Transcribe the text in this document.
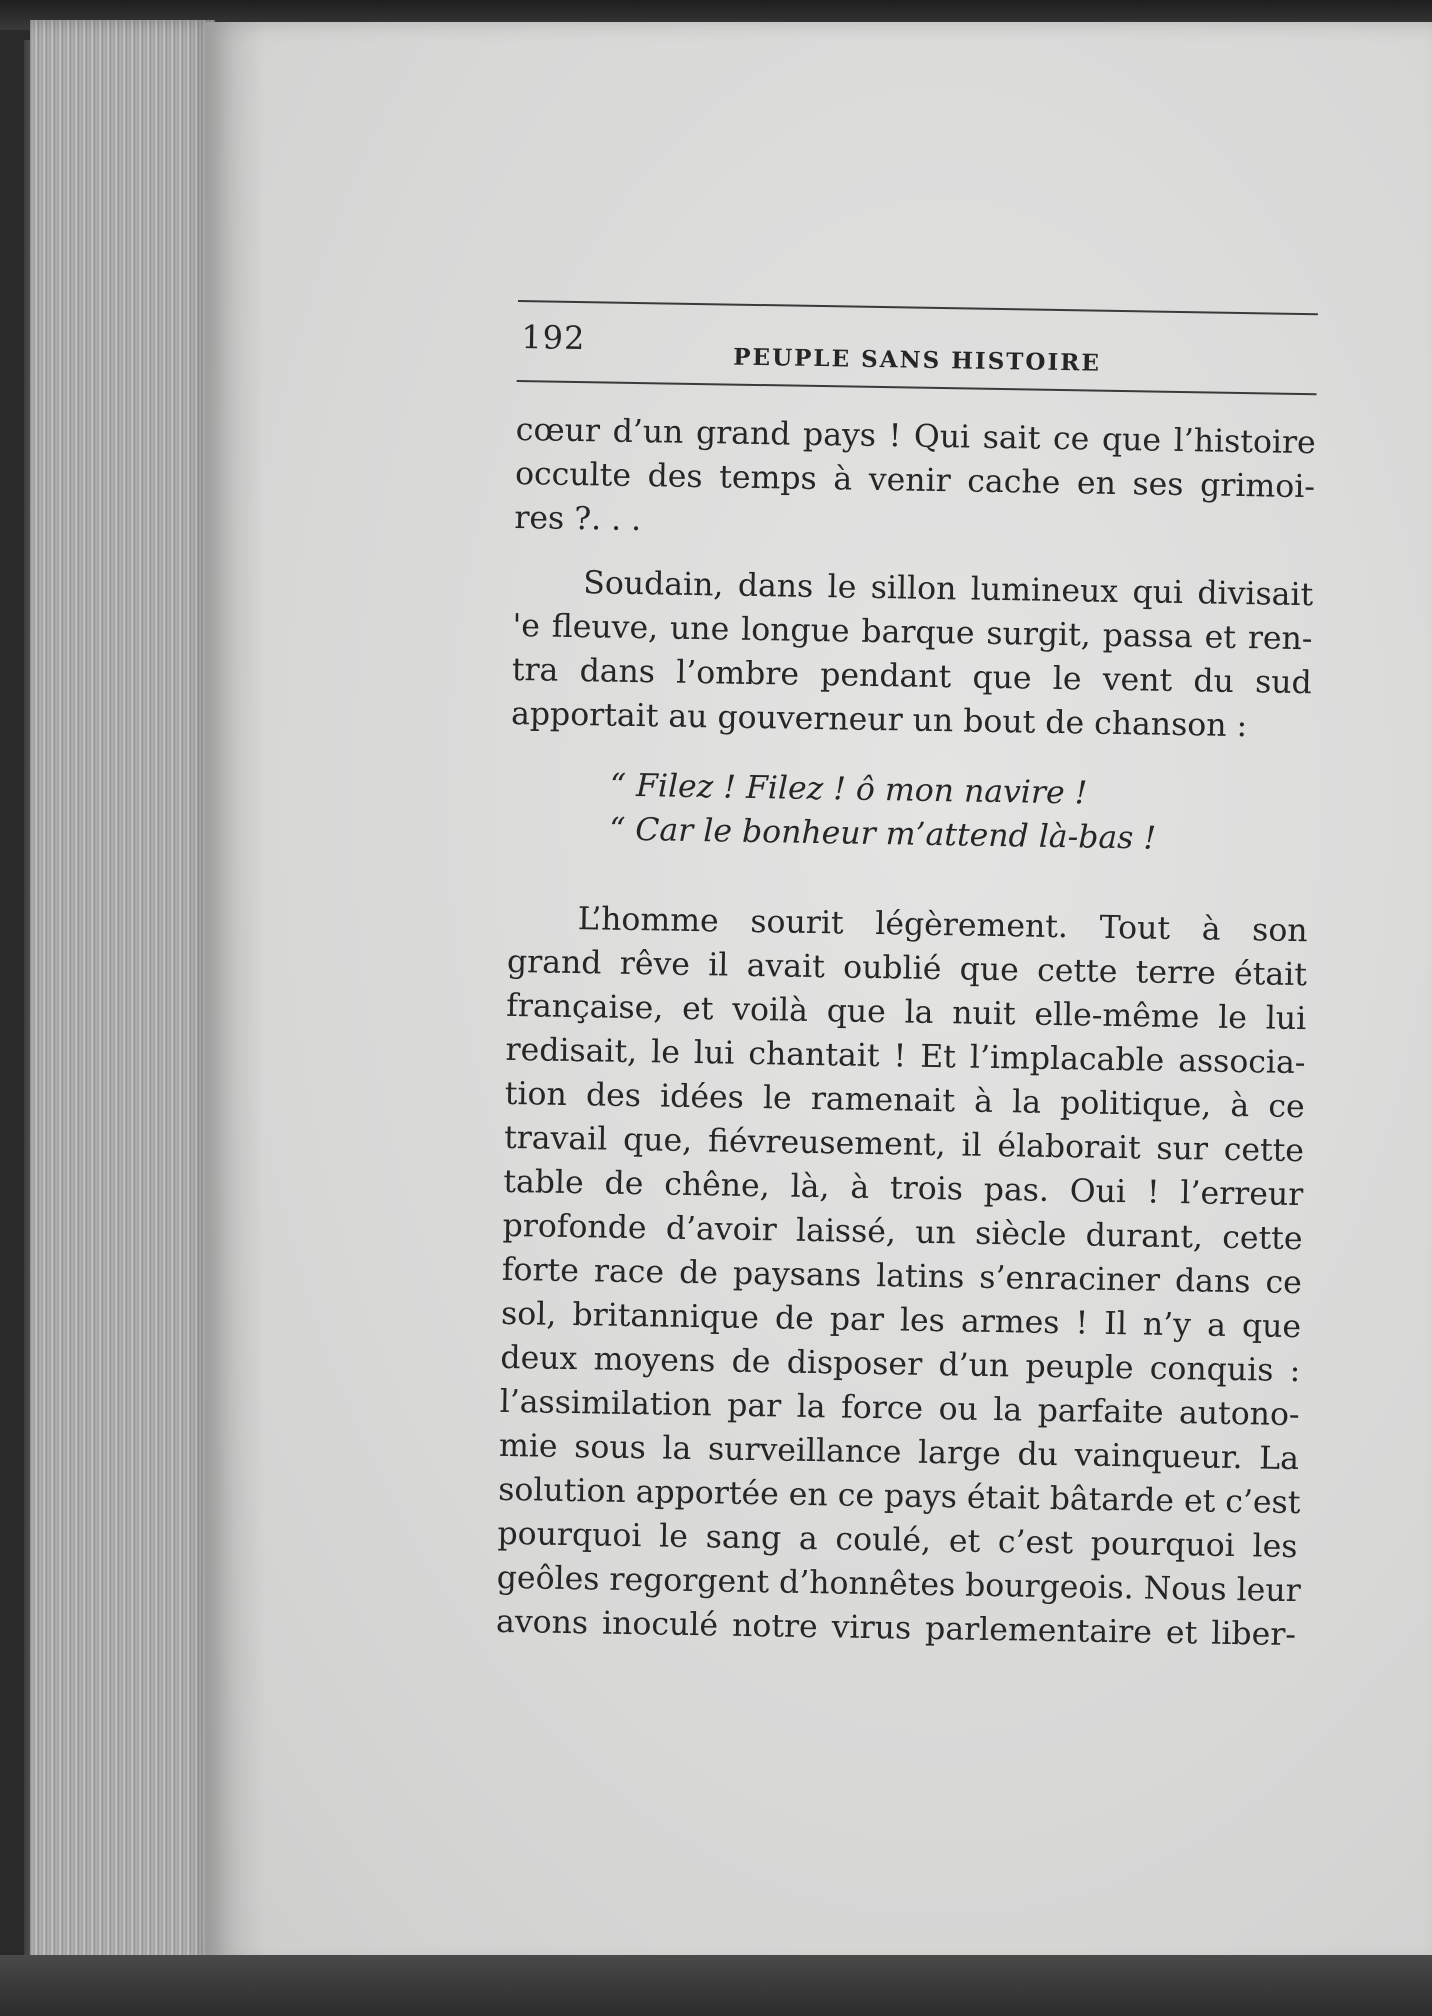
192
PEUPLE SANS HISTOIRE
cœur d’un grand pays ! Qui sait ce que l’histoire
occulte des temps à venir cache en ses grimoi-
res ?. . .
Soudain, dans le sillon lumineux qui divisait
'e fleuve, une longue barque surgit, passa et ren-
tra dans l’ombre pendant que le vent du sud
apportait au gouverneur un bout de chanson :
“ Filez ! Filez ! ô mon navire !
“ Car le bonheur m’attend là-bas !
L’homme sourit légèrement. Tout à son
grand rêve il avait oublié que cette terre était
française, et voilà que la nuit elle-même le lui
redisait, le lui chantait ! Et l’implacable associa-
tion des idées le ramenait à la politique, à ce
travail que, fiévreusement, il élaborait sur cette
table de chêne, là, à trois pas. Oui ! l’erreur
profonde d’avoir laissé, un siècle durant, cette
forte race de paysans latins s’enraciner dans ce
sol, britannique de par les armes ! Il n’y a que
deux moyens de disposer d’un peuple conquis :
l’assimilation par la force ou la parfaite autono-
mie sous la surveillance large du vainqueur. La
solution apportée en ce pays était bâtarde et c’est
pourquoi le sang a coulé, et c’est pourquoi les
geôles regorgent d’honnêtes bourgeois. Nous leur
avons inoculé notre virus parlementaire et liber-
